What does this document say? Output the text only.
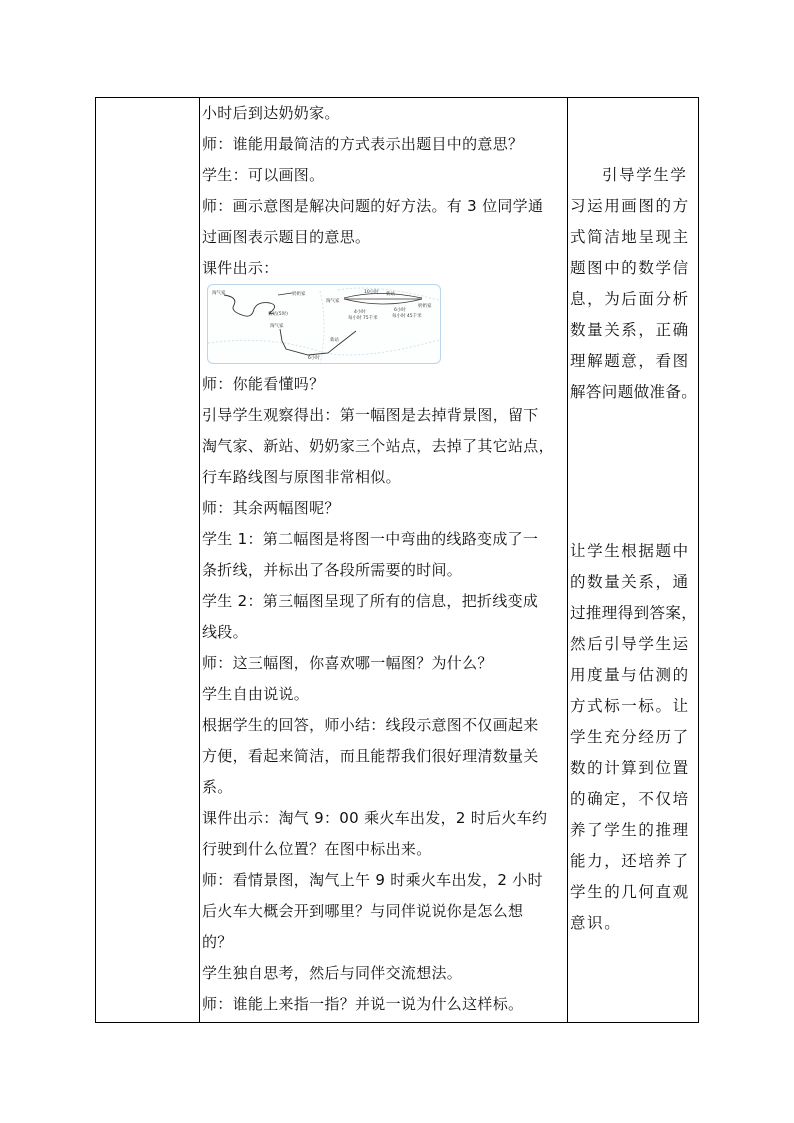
小时后到达奶奶家。
师：谁能用最简洁的方式表示出题目中的意思？
学生：可以画图。
师：画示意图是解决问题的好方法。有 3 位同学通
过画图表示题目的意思。
课件出示：
淘气家	奶奶家
新站(5时)
淘气家
新站
6小时
10小时
淘气家
新站
奶奶家
4小时	6小时
每小时 75千米	每小时 45千米
师：你能看懂吗？
引导学生观察得出：第一幅图是去掉背景图，留下
淘气家、新站、奶奶家三个站点，去掉了其它站点，
行车路线图与原图非常相似。
师：其余两幅图呢？
学生 1：第二幅图是将图一中弯曲的线路变成了一
条折线，并标出了各段所需要的时间。
学生 2：第三幅图呈现了所有的信息，把折线变成
线段。
师：这三幅图，你喜欢哪一幅图？为什么？
学生自由说说。
根据学生的回答，师小结：线段示意图不仅画起来
方便，看起来简洁，而且能帮我们很好理清数量关
系。
课件出示：淘气 9：00 乘火车出发，2 时后火车约
行驶到什么位置？在图中标出来。
师：看情景图，淘气上午 9 时乘火车出发，2 小时
后火车大概会开到哪里？与同伴说说你是怎么想
的？
学生独自思考，然后与同伴交流想法。
师：谁能上来指一指？并说一说为什么这样标。
引导学生学
习运用画图的方
式简洁地呈现主
题图中的数学信
息，为后面分析
数量关系，正确
理解题意，看图
解答问题做准备。
让学生根据题中
的数量关系，通
过推理得到答案，
然后引导学生运
用度量与估测的
方式标一标。让
学生充分经历了
数的计算到位置
的确定，不仅培
养了学生的推理
能力，还培养了
学生的几何直观
意识。
